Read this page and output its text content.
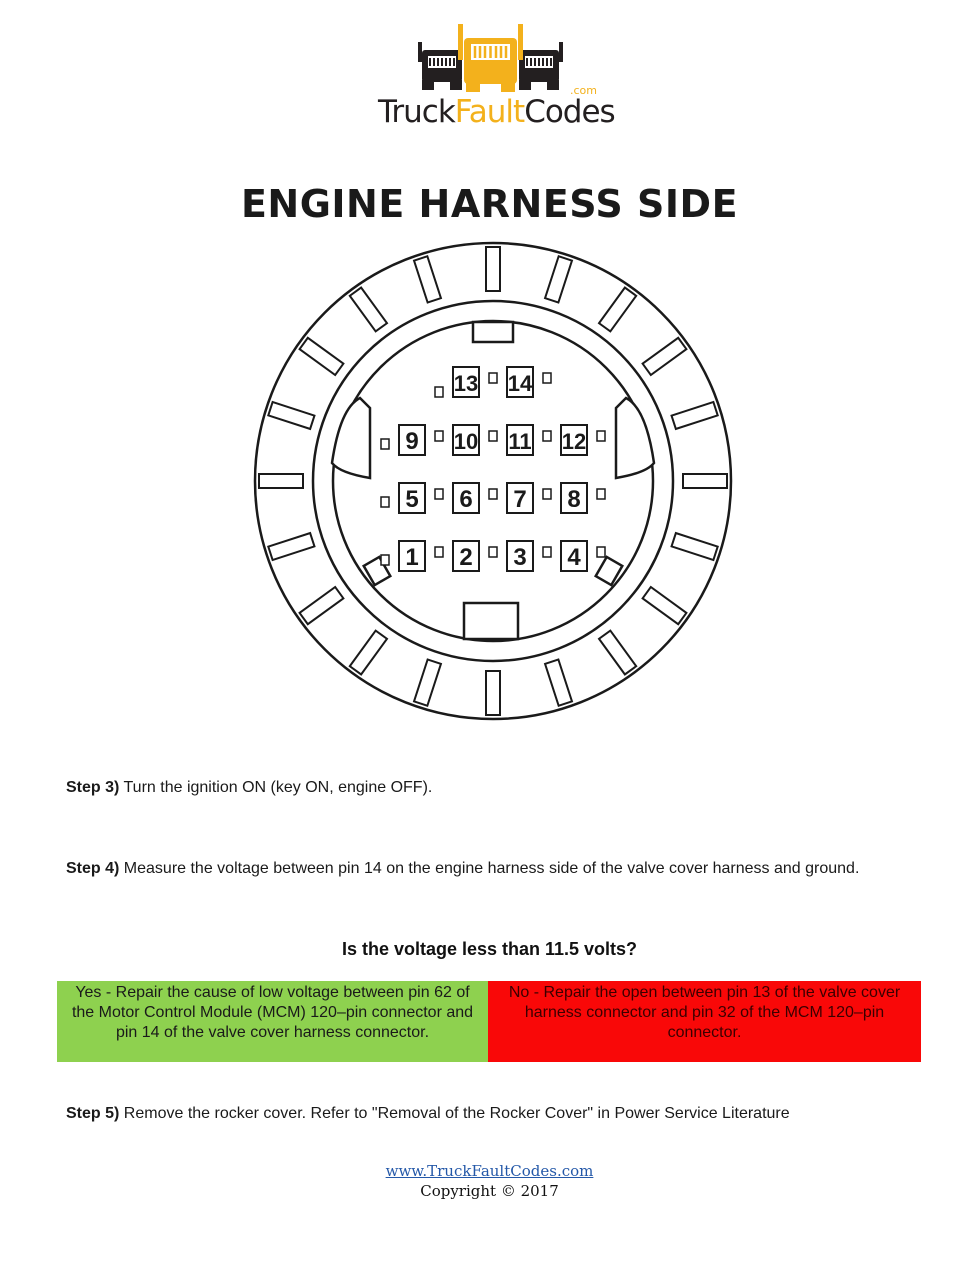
.com
TruckFaultCodes
ENGINE HARNESS SIDE
13 14
9 10 11 12
5 6 7 8
1 2 3 4
Step 3) Turn the ignition ON (key ON, engine OFF).
Step 4) Measure the voltage between pin 14 on the engine harness side of the valve cover harness and ground.
Is the voltage less than 11.5 volts?
Yes - Repair the cause of low voltage between pin 62 of the Motor Control Module (MCM) 120–pin connector and pin 14 of the valve cover harness connector.
No - Repair the open between pin 13 of the valve cover harness connector and pin 32 of the MCM 120–pin connector.
Step 5) Remove the rocker cover. Refer to "Removal of the Rocker Cover" in Power Service Literature
www.TruckFaultCodes.com
Copyright © 2017
